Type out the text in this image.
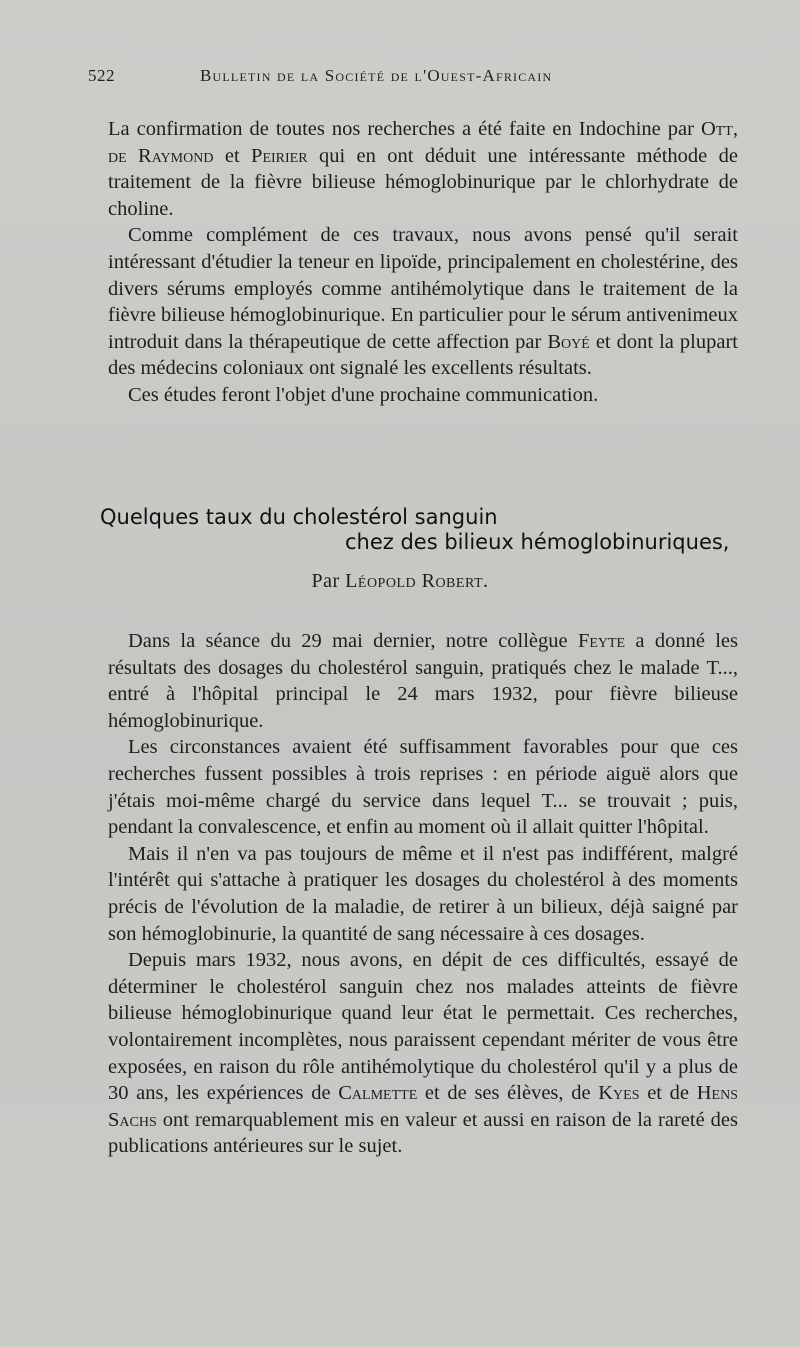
522	Bulletin de la Société de l'Ouest-Africain

La confirmation de toutes nos recherches a été faite en Indochine par Ott, de Raymond et Peirier qui en ont déduit une intéressante méthode de traitement de la fièvre bilieuse hémoglobinurique par le chlorhydrate de choline.

Comme complément de ces travaux, nous avons pensé qu'il serait intéressant d'étudier la teneur en lipoïde, principalement en cholestérine, des divers sérums employés comme antihémolytique dans le traitement de la fièvre bilieuse hémoglobinurique. En particulier pour le sérum antivenimeux introduit dans la thérapeutique de cette affection par Boyé et dont la plupart des médecins coloniaux ont signalé les excellents résultats.

Ces études feront l'objet d'une prochaine communication.

Quelques taux du cholestérol sanguin
chez des bilieux hémoglobinuriques,
Par Léopold Robert.

Dans la séance du 29 mai dernier, notre collègue Feyte a donné les résultats des dosages du cholestérol sanguin, pratiqués chez le malade T..., entré à l'hôpital principal le 24 mars 1932, pour fièvre bilieuse hémoglobinurique.

Les circonstances avaient été suffisamment favorables pour que ces recherches fussent possibles à trois reprises : en période aiguë alors que j'étais moi-même chargé du service dans lequel T... se trouvait ; puis, pendant la convalescence, et enfin au moment où il allait quitter l'hôpital.

Mais il n'en va pas toujours de même et il n'est pas indifférent, malgré l'intérêt qui s'attache à pratiquer les dosages du cholestérol à des moments précis de l'évolution de la maladie, de retirer à un bilieux, déjà saigné par son hémoglobinurie, la quantité de sang nécessaire à ces dosages.

Depuis mars 1932, nous avons, en dépit de ces difficultés, essayé de déterminer le cholestérol sanguin chez nos malades atteints de fièvre bilieuse hémoglobinurique quand leur état le permettait. Ces recherches, volontairement incomplètes, nous paraissent cependant mériter de vous être exposées, en raison du rôle antihémolytique du cholestérol qu'il y a plus de 30 ans, les expériences de Calmette et de ses élèves, de Kyes et de Hens Sachs ont remarquablement mis en valeur et aussi en raison de la rareté des publications antérieures sur le sujet.
